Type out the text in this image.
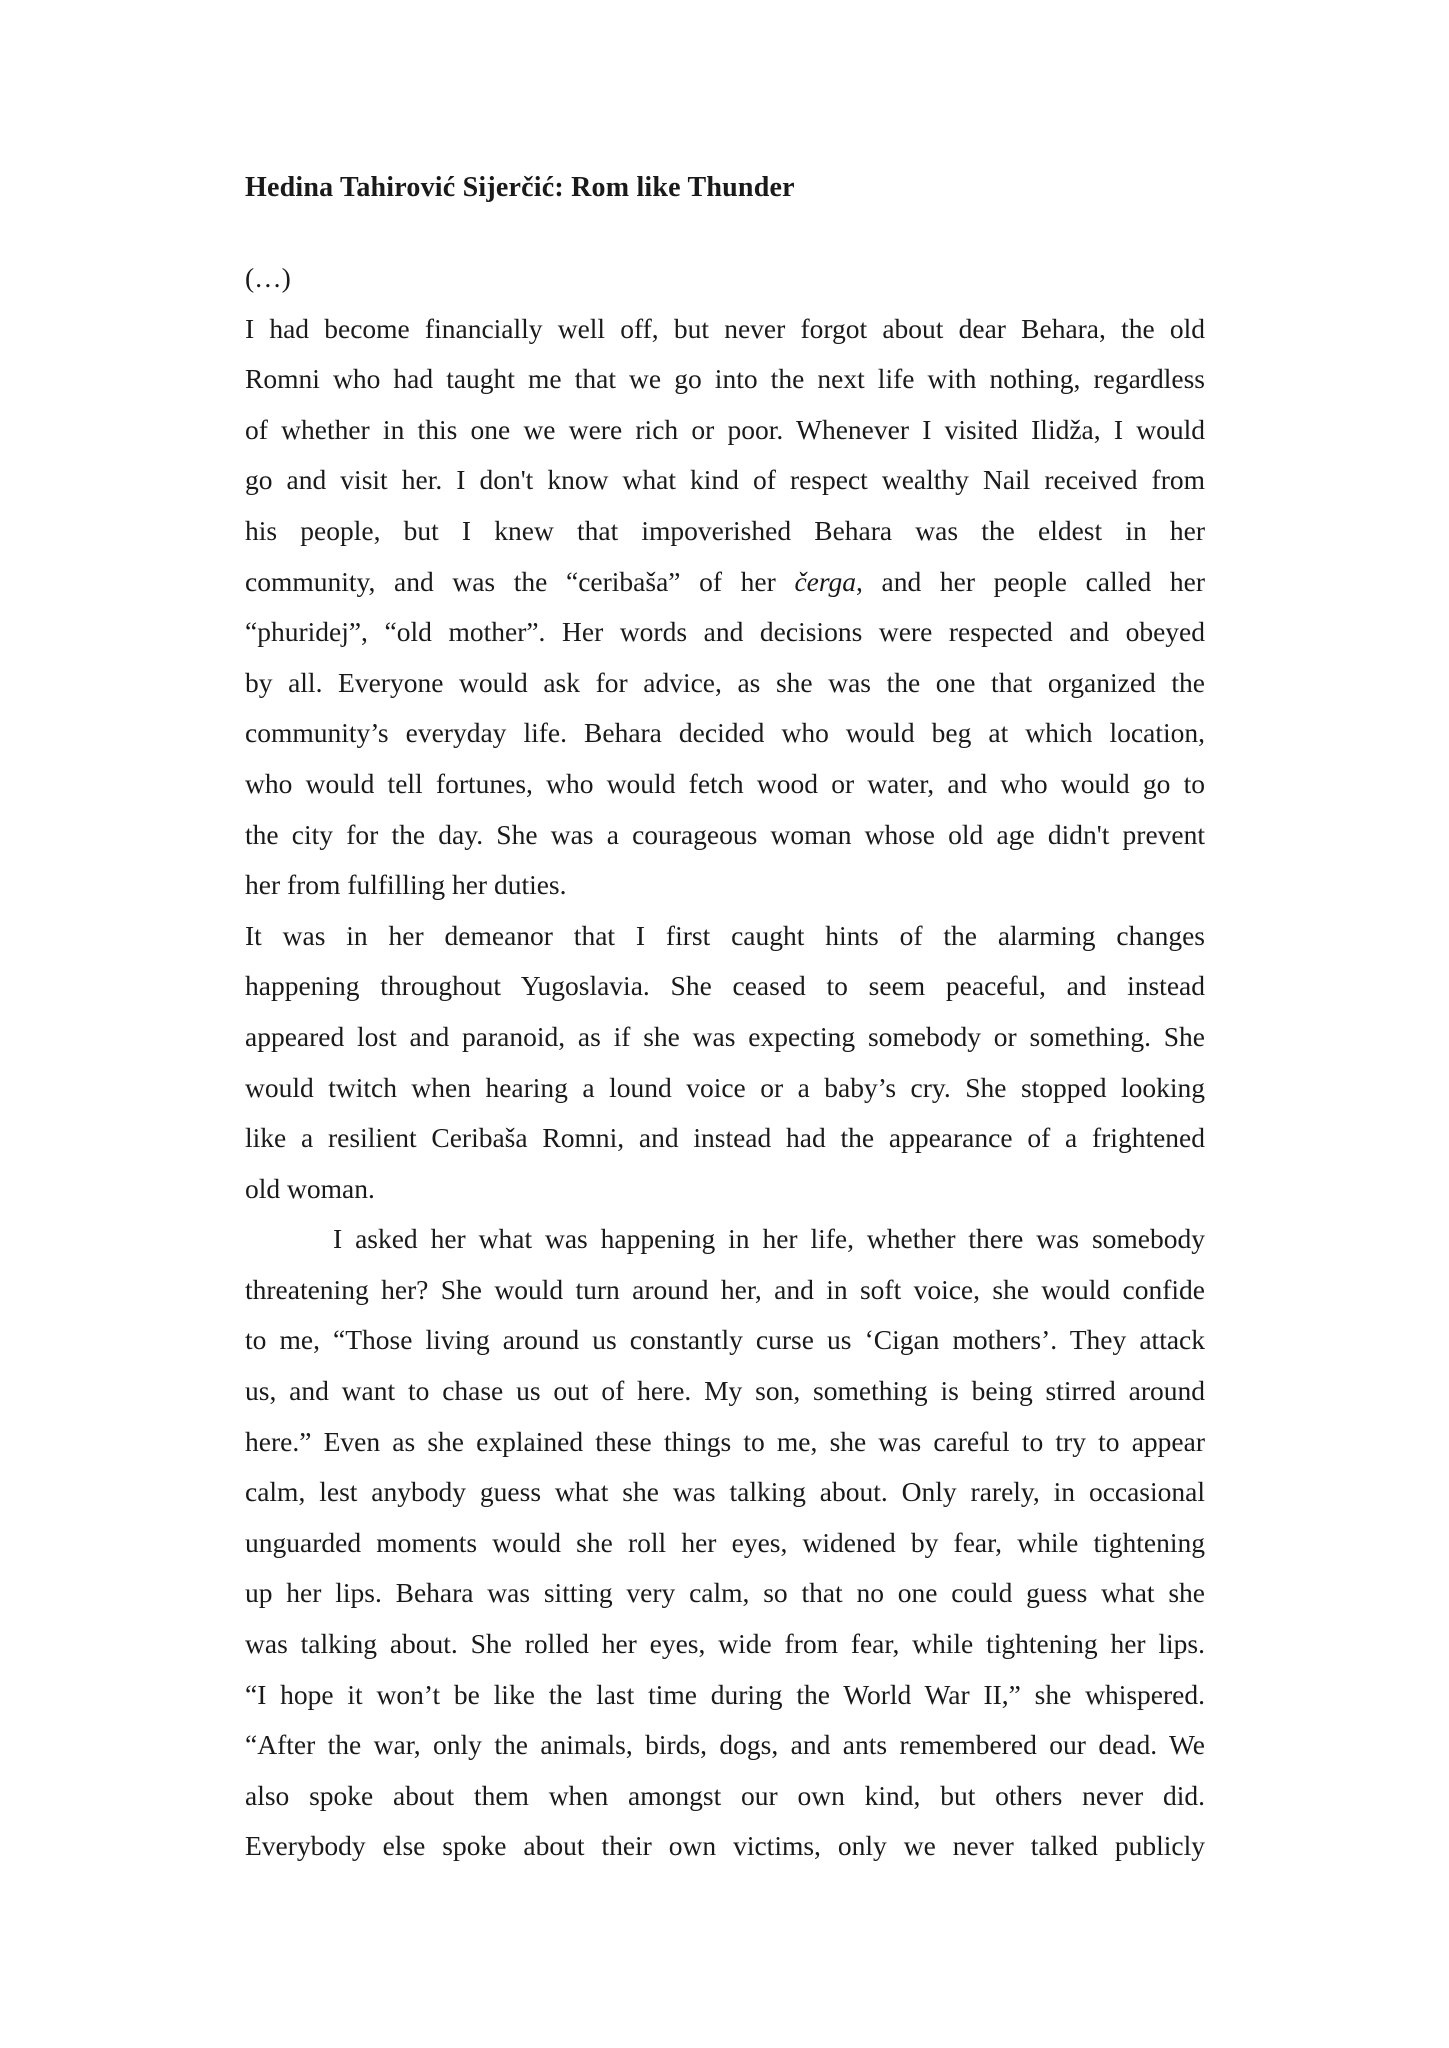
Hedina Tahirović Sijerčić: Rom like Thunder
(…)
I had become financially well off, but never forgot about dear Behara, the old
Romni who had taught me that we go into the next life with nothing, regardless
of whether in this one we were rich or poor. Whenever I visited Ilidža, I would
go and visit her. I don't know what kind of respect wealthy Nail received from
his people, but I knew that impoverished Behara was the eldest in her
community, and was the “ceribaša” of her čerga, and her people called her
“phuridej”, “old mother”. Her words and decisions were respected and obeyed
by all. Everyone would ask for advice, as she was the one that organized the
community’s everyday life. Behara decided who would beg at which location,
who would tell fortunes, who would fetch wood or water, and who would go to
the city for the day. She was a courageous woman whose old age didn't prevent
her from fulfilling her duties.
It was in her demeanor that I first caught hints of the alarming changes
happening throughout Yugoslavia. She ceased to seem peaceful, and instead
appeared lost and paranoid, as if she was expecting somebody or something. She
would twitch when hearing a lound voice or a baby’s cry. She stopped looking
like a resilient Ceribaša Romni, and instead had the appearance of a frightened
old woman.
I asked her what was happening in her life, whether there was somebody
threatening her? She would turn around her, and in soft voice, she would confide
to me, “Those living around us constantly curse us ‘Cigan mothers’. They attack
us, and want to chase us out of here. My son, something is being stirred around
here.” Even as she explained these things to me, she was careful to try to appear
calm, lest anybody guess what she was talking about. Only rarely, in occasional
unguarded moments would she roll her eyes, widened by fear, while tightening
up her lips. Behara was sitting very calm, so that no one could guess what she
was talking about. She rolled her eyes, wide from fear, while tightening her lips.
“I hope it won’t be like the last time during the World War II,” she whispered.
“After the war, only the animals, birds, dogs, and ants remembered our dead. We
also spoke about them when amongst our own kind, but others never did.
Everybody else spoke about their own victims, only we never talked publicly
